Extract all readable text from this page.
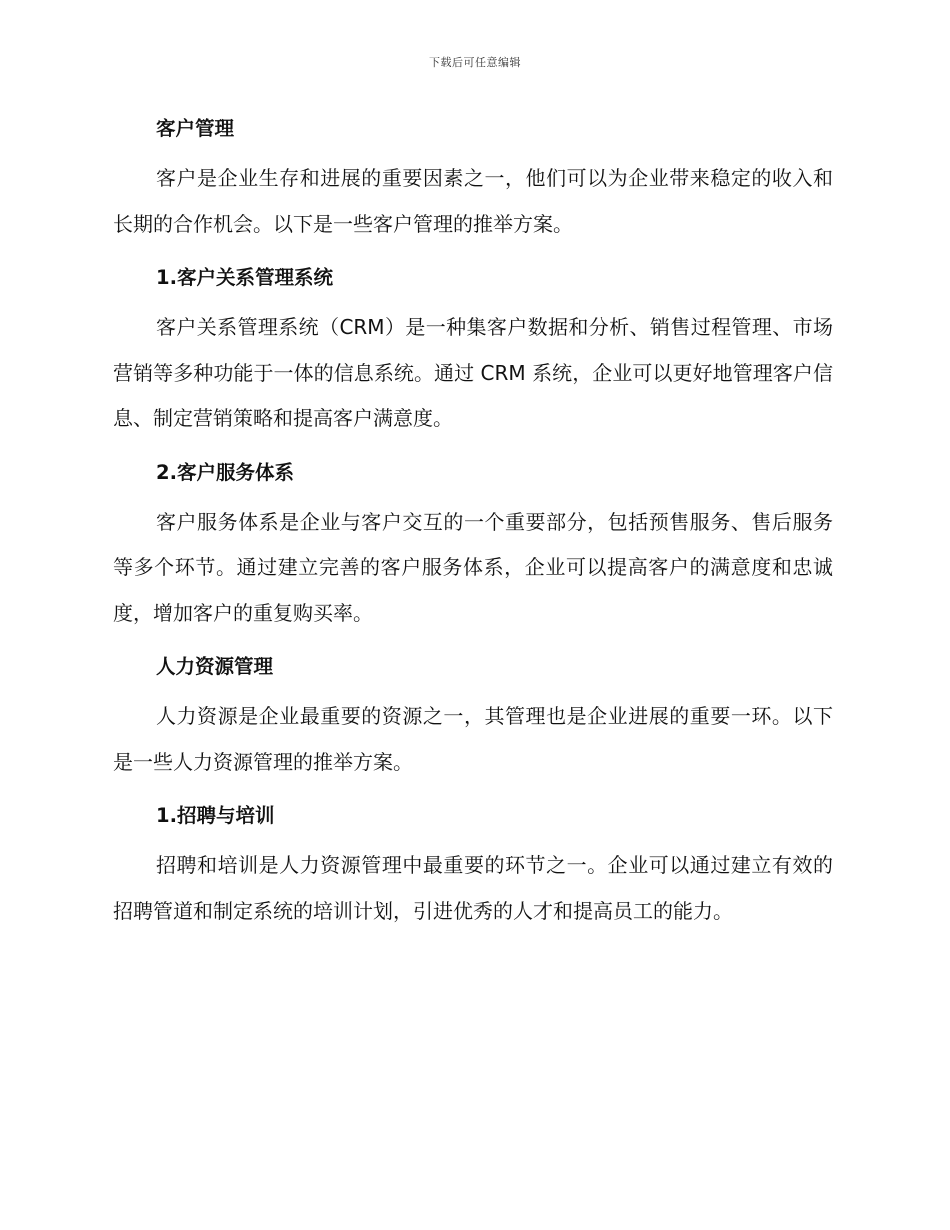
下载后可任意编辑
客户管理

客户是企业生存和进展的重要因素之一，他们可以为企业带来稳定的收入和长期的合作机会。以下是一些客户管理的推举方案。

1.客户关系管理系统

客户关系管理系统（CRM）是一种集客户数据和分析、销售过程管理、市场营销等多种功能于一体的信息系统。通过 CRM 系统，企业可以更好地管理客户信息、制定营销策略和提高客户满意度。

2.客户服务体系

客户服务体系是企业与客户交互的一个重要部分，包括预售服务、售后服务等多个环节。通过建立完善的客户服务体系，企业可以提高客户的满意度和忠诚度，增加客户的重复购买率。

人力资源管理

人力资源是企业最重要的资源之一，其管理也是企业进展的重要一环。以下是一些人力资源管理的推举方案。

1.招聘与培训

招聘和培训是人力资源管理中最重要的环节之一。企业可以通过建立有效的招聘管道和制定系统的培训计划，引进优秀的人才和提高员工的能力。
